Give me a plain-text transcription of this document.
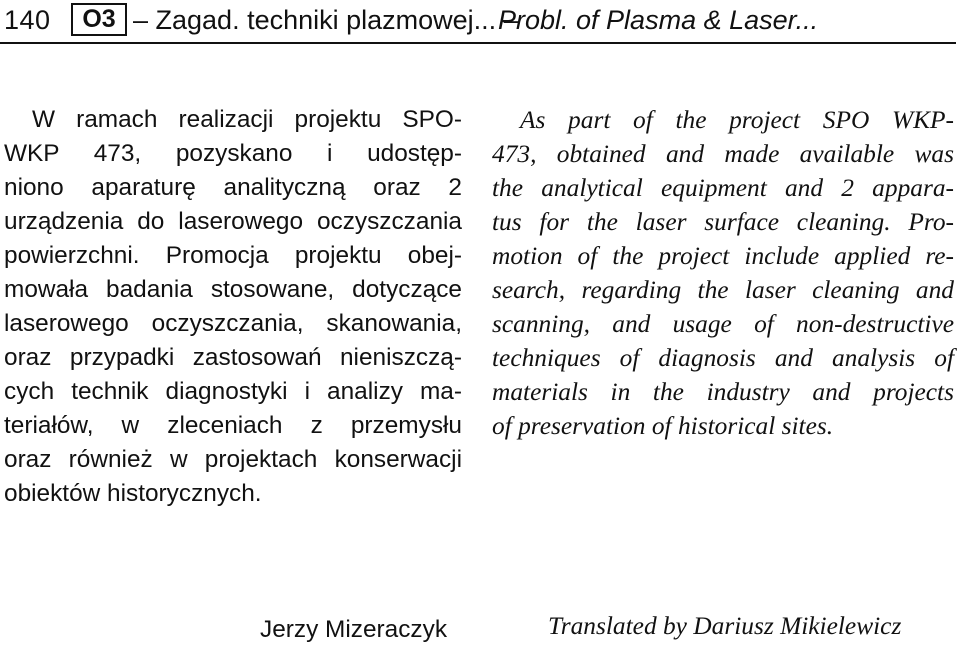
140	O3 – Zagad. techniki plazmowej... –
Probl. of Plasma & Laser...
W ramach realizacji projektu SPO-
WKP 473, pozyskano i udostęp-
niono aparaturę analityczną oraz 2
urządzenia do laserowego oczyszczania
powierzchni. Promocja projektu obej-
mowała badania stosowane, dotyczące
laserowego oczyszczania, skanowania,
oraz przypadki zastosowań nieniszczą-
cych technik diagnostyki i analizy ma-
teriałów, w zleceniach z przemysłu
oraz również w projektach konserwacji
obiektów historycznych.
As part of the project SPO WKP-
473, obtained and made available was
the analytical equipment and 2 appara-
tus for the laser surface cleaning. Pro-
motion of the project include applied re-
search, regarding the laser cleaning and
scanning, and usage of non-destructive
techniques of diagnosis and analysis of
materials in the industry and projects
of preservation of historical sites.
Jerzy Mizeraczyk	Translated by Dariusz Mikielewicz
